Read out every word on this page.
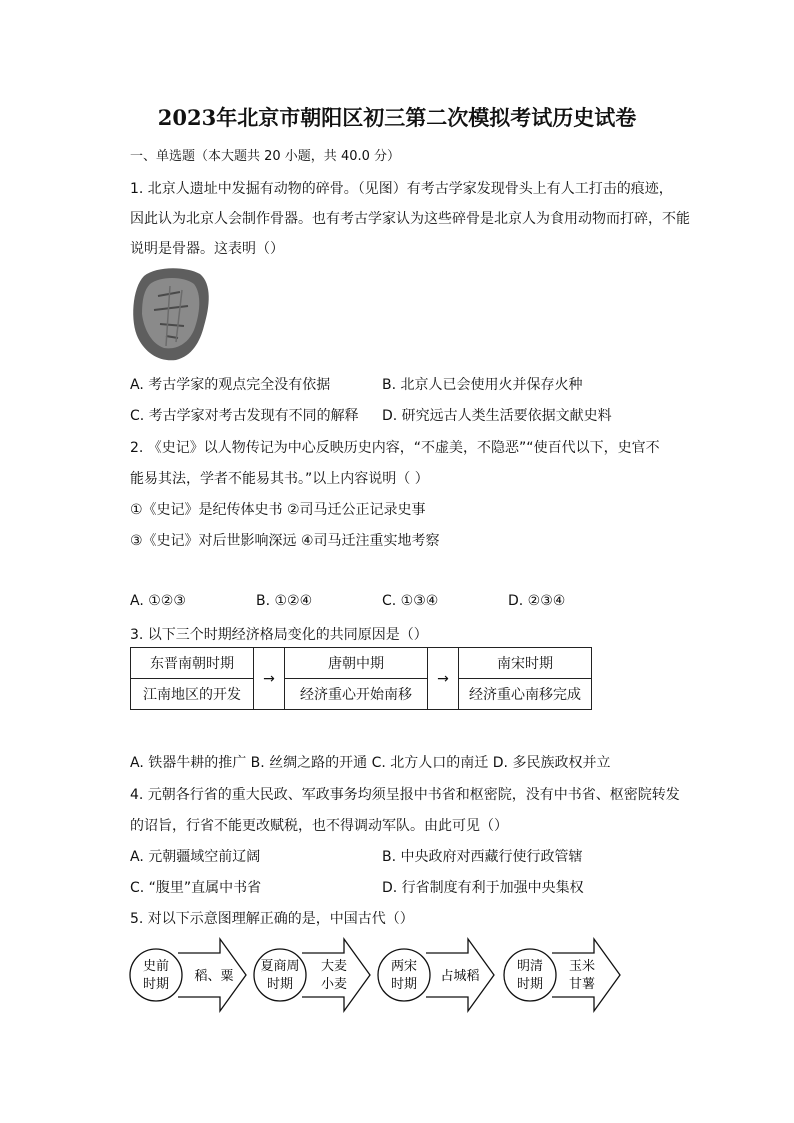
2023年北京市朝阳区初三第二次模拟考试历史试卷
一、单选题（本大题共 20 小题，共 40.0 分）
1. 北京人遗址中发掘有动物的碎骨。（见图）有考古学家发现骨头上有人工打击的痕迹，
因此认为北京人会制作骨器。也有考古学家认为这些碎骨是北京人为食用动物而打碎，不能
说明是骨器。这表明（）
A. 考古学家的观点完全没有依据	B. 北京人已会使用火并保存火种
C. 考古学家对考古发现有不同的解释 D. 研究远古人类生活要依据文献史料
2. 《史记》以人物传记为中心反映历史内容，“不虚美，不隐恶”“使百代以下，史官不
能易其法，学者不能易其书。”以上内容说明（ ）
①《史记》是纪传体史书 ②司马迁公正记录史事
③《史记》对后世影响深远 ④司马迁注重实地考察
A. ①②③	B. ①②④	C. ①③④	D. ②③④
3. 以下三个时期经济格局变化的共同原因是（）
东晋南朝时期	→	唐朝中期	→	南宋时期
江南地区的开发		经济重心开始南移		经济重心南移完成
A. 铁器牛耕的推广 B. 丝绸之路的开通 C. 北方人口的南迁 D. 多民族政权并立
4. 元朝各行省的重大民政、军政事务均须呈报中书省和枢密院，没有中书省、枢密院转发
的诏旨，行省不能更改赋税，也不得调动军队。由此可见（）
A. 元朝疆域空前辽阔	B. 中央政府对西藏行使行政管辖
C. “腹里”直属中书省	D. 行省制度有利于加强中央集权
5. 对以下示意图理解正确的是，中国古代（）
史前
时期
稻、粟
夏商周
时期
大麦
小麦
两宋
时期
占城稻
明清
时期
玉米
甘薯
